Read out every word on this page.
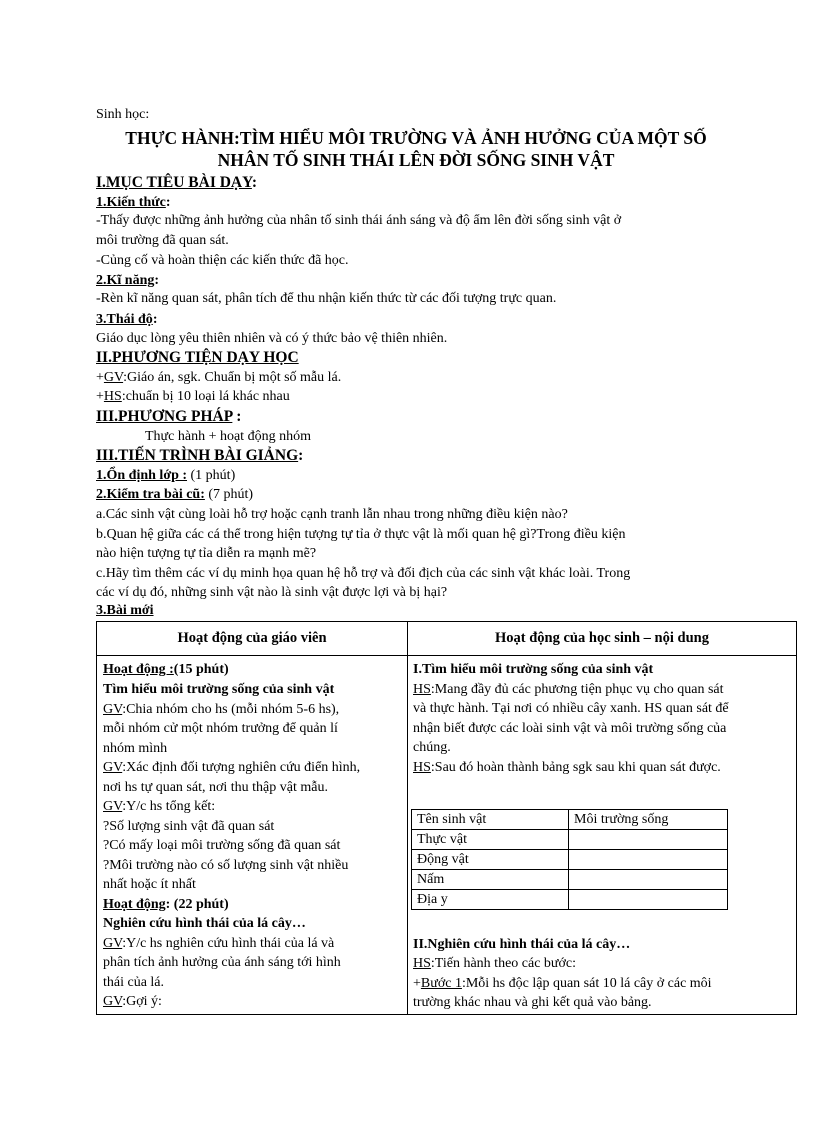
Sinh học:
THỰC HÀNH:TÌM HIỂU MÔI TRƯỜNG VÀ ẢNH HƯỞNG CỦA MỘT SỐ
NHÂN TỐ SINH THÁI LÊN ĐỜI SỐNG SINH VẬT
I.MỤC TIÊU BÀI DẠY:
1.Kiến thức:
-Thấy được những ảnh hưởng của nhân tố sinh thái ánh sáng và độ ẩm lên đời sống sinh vật ở
môi trường đã quan sát.
-Củng cố và hoàn thiện các kiến thức đã học.
2.Kĩ năng:
-Rèn kĩ năng quan sát, phân tích để thu nhận kiến thức từ các đối tượng trực quan.
3.Thái độ:
Giáo dục lòng yêu thiên nhiên và có ý thức bảo vệ thiên nhiên.
II.PHƯƠNG TIỆN DẠY HỌC
+GV:Giáo án, sgk. Chuẩn bị một số mẫu lá.
+HS:chuẩn bị 10 loại lá khác nhau
III.PHƯƠNG PHÁP :
Thực hành + hoạt động nhóm
III.TIẾN TRÌNH BÀI GIẢNG:
1.Ổn định lớp : (1 phút)
2.Kiểm tra bài cũ: (7 phút)
a.Các sinh vật cùng loài hỗ trợ hoặc cạnh tranh lẫn nhau trong những điều kiện nào?
b.Quan hệ giữa các cá thể trong hiện tượng tự tỉa ở thực vật là mối quan hệ gì?Trong điều kiện
nào hiện tượng tự tỉa diễn ra mạnh mẽ?
c.Hãy tìm thêm các ví dụ minh họa quan hệ hỗ trợ và đối địch của các sinh vật khác loài. Trong
các ví dụ đó, những sinh vật nào là sinh vật được lợi và bị hại?
3.Bài mới
Hoạt động của giáo viên	Hoạt động của học sinh – nội dung

Hoạt động :(15 phút)
Tìm hiểu môi trường sống của sinh vật
GV:Chia nhóm cho hs (mỗi nhóm 5-6 hs),
mỗi nhóm cử một nhóm trưởng để quản lí
nhóm mình
GV:Xác định đối tượng nghiên cứu điển hình,
nơi hs tự quan sát, nơi thu thập vật mẫu.
GV:Y/c hs tổng kết:
?Số lượng sinh vật đã quan sát
?Có mấy loại môi trường sống đã quan sát
?Môi trường nào có số lượng sinh vật nhiều
nhất hoặc ít nhất
Hoạt động: (22 phút)
Nghiên cứu hình thái của lá cây…
GV:Y/c hs nghiên cứu hình thái của lá và
phân tích ảnh hưởng của ánh sáng tới hình
thái của lá.
GV:Gợi ý:

I.Tìm hiểu môi trường sống của sinh vật
HS:Mang đầy đủ các phương tiện phục vụ cho quan sát
và thực hành. Tại nơi có nhiều cây xanh. HS quan sát để
nhận biết được các loài sinh vật và môi trường sống của
chúng.
HS:Sau đó hoàn thành bảng sgk sau khi quan sát được.
Tên sinh vật	Môi trường sống
Thực vật	
Động vật	
Nấm	
Địa y	
II.Nghiên cứu hình thái của lá cây…
HS:Tiến hành theo các bước:
+Bước 1:Mỗi hs độc lập quan sát 10 lá cây ở các môi
trường khác nhau và ghi kết quả vào bảng.
